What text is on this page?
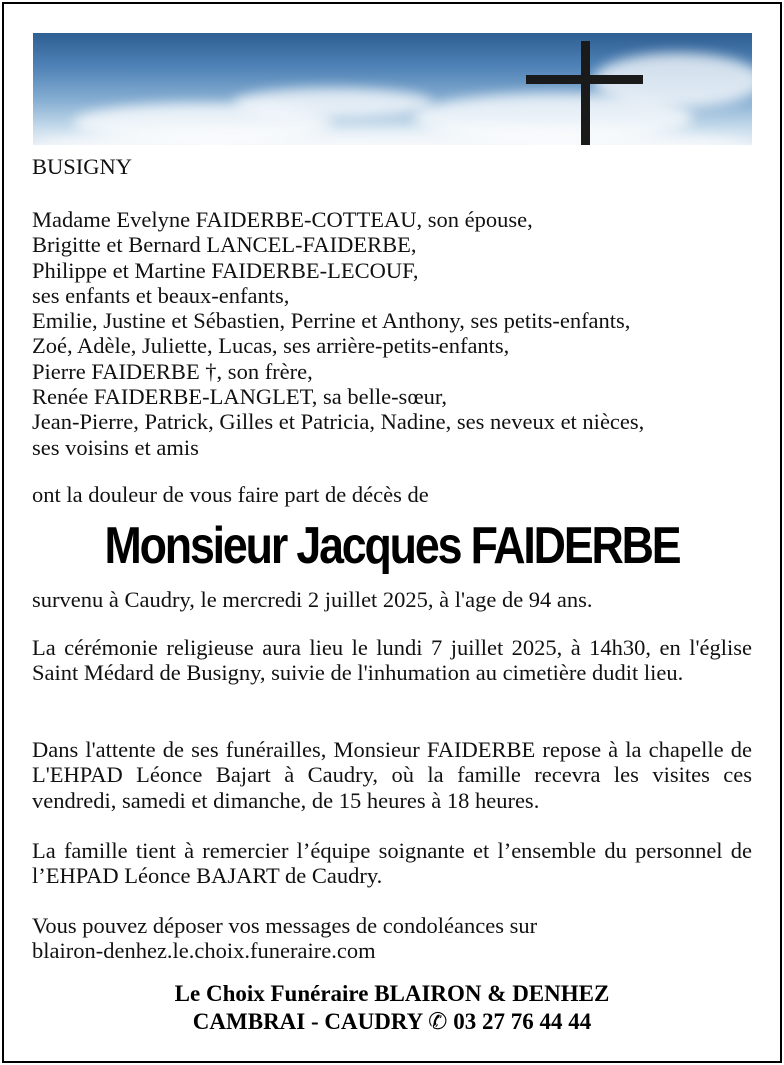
BUSIGNY
Madame Evelyne FAIDERBE-COTTEAU, son épouse,
Brigitte et Bernard LANCEL-FAIDERBE,
Philippe et Martine FAIDERBE-LECOUF,
ses enfants et beaux-enfants,
Emilie, Justine et Sébastien, Perrine et Anthony, ses petits-enfants,
Zoé, Adèle, Juliette, Lucas, ses arrière-petits-enfants,
Pierre FAIDERBE †, son frère,
Renée FAIDERBE-LANGLET, sa belle-sœur,
Jean-Pierre, Patrick, Gilles et Patricia, Nadine, ses neveux et nièces,
ses voisins et amis
ont la douleur de vous faire part de décès de
Monsieur Jacques FAIDERBE
survenu à Caudry, le mercredi 2 juillet 2025, à l'age de 94 ans.
La cérémonie religieuse aura lieu le lundi 7 juillet 2025, à 14h30, en l'église Saint Médard de Busigny, suivie de l'inhumation au cimetière dudit lieu.
Dans l'attente de ses funérailles, Monsieur FAIDERBE repose à la chapelle de L'EHPAD Léonce Bajart à Caudry, où la famille recevra les visites ces vendredi, samedi et dimanche, de 15 heures à 18 heures.
La famille tient à remercier l’équipe soignante et l’ensemble du personnel de l’EHPAD Léonce BAJART de Caudry.
Vous pouvez déposer vos messages de condoléances sur
blairon-denhez.le.choix.funeraire.com
Le Choix Funéraire BLAIRON & DENHEZ
CAMBRAI - CAUDRY ✆ 03 27 76 44 44
